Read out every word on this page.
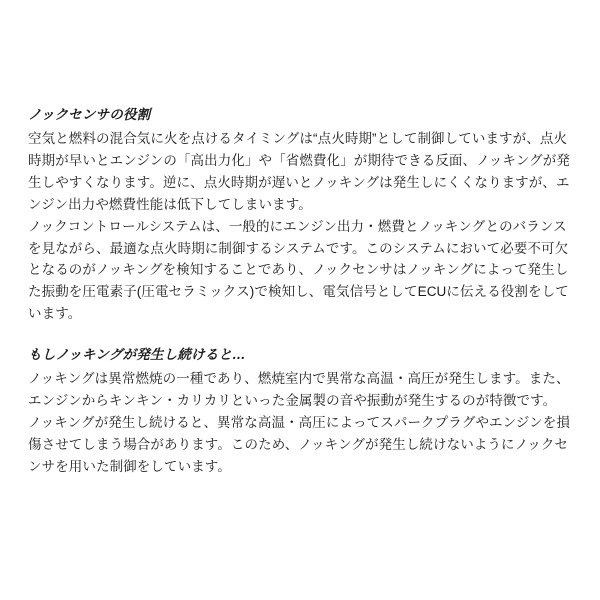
ノックセンサの役割

空気と燃料の混合気に火を点けるタイミングは“点火時期”として制御していますが、点火時期が早いとエンジンの「高出力化」や「省燃費化」が期待できる反面、ノッキングが発生しやすくなります。逆に、点火時期が遅いとノッキングは発生しにくくなりますが、エンジン出力や燃費性能は低下してしまいます。

ノックコントロールシステムは、一般的にエンジン出力・燃費とノッキングとのバランスを見ながら、最適な点火時期に制御するシステムです。このシステムにおいて必要不可欠となるのがノッキングを検知することであり、ノックセンサはノッキングによって発生した振動を圧電素子(圧電セラミックス)で検知し、電気信号としてECUに伝える役割をしています。

もしノッキングが発生し続けると…

ノッキングは異常燃焼の一種であり、燃焼室内で異常な高温・高圧が発生します。また、エンジンからキンキン・カリカリといった金属製の音や振動が発生するのが特徴です。

ノッキングが発生し続けると、異常な高温・高圧によってスパークプラグやエンジンを損傷させてしまう場合があります。このため、ノッキングが発生し続けないようにノックセンサを用いた制御をしています。
